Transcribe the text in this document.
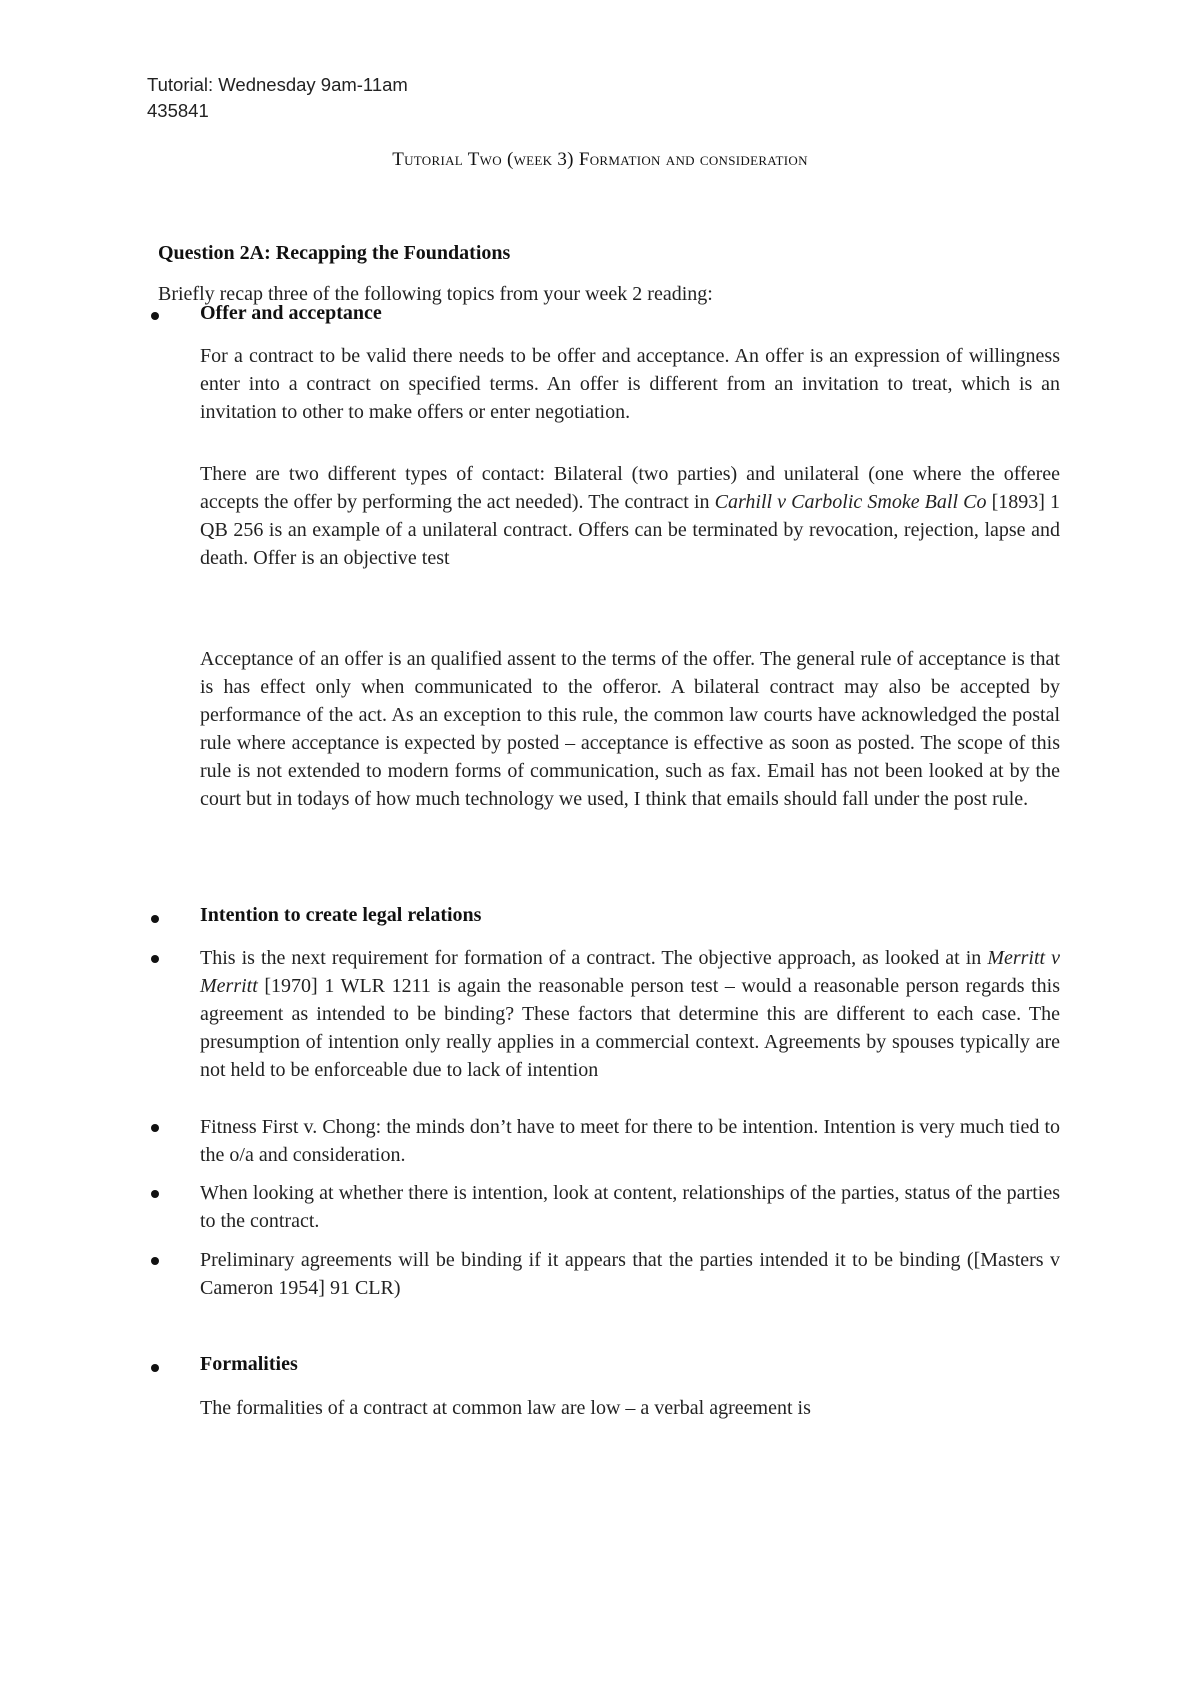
Tutorial: Wednesday 9am-11am
435841
Tutorial Two (week 3) Formation and consideration
Question 2A: Recapping the Foundations
Briefly recap three of the following topics from your week 2 reading:
Offer and acceptance
For a contract to be valid there needs to be offer and acceptance. An offer is an expression of willingness enter into a contract on specified terms. An offer is different from an invitation to treat, which is an invitation to other to make offers or enter negotiation.
There are two different types of contact: Bilateral (two parties) and unilateral (one where the offeree accepts the offer by performing the act needed). The contract in Carhill v Carbolic Smoke Ball Co [1893] 1 QB 256 is an example of a unilateral contract. Offers can be terminated by revocation, rejection, lapse and death. Offer is an objective test
Acceptance of an offer is an qualified assent to the terms of the offer. The general rule of acceptance is that is has effect only when communicated to the offeror. A bilateral contract may also be accepted by performance of the act. As an exception to this rule, the common law courts have acknowledged the postal rule where acceptance is expected by posted – acceptance is effective as soon as posted. The scope of this rule is not extended to modern forms of communication, such as fax. Email has not been looked at by the court but in todays of how much technology we used, I think that emails should fall under the post rule.
Intention to create legal relations
This is the next requirement for formation of a contract. The objective approach, as looked at in Merritt v Merritt [1970] 1 WLR 1211 is again the reasonable person test – would a reasonable person regards this agreement as intended to be binding? These factors that determine this are different to each case. The presumption of intention only really applies in a commercial context. Agreements by spouses typically are not held to be enforceable due to lack of intention
Fitness First v. Chong: the minds don’t have to meet for there to be intention. Intention is very much tied to the o/a and consideration.
When looking at whether there is intention, look at content, relationships of the parties, status of the parties to the contract.
Preliminary agreements will be binding if it appears that the parties intended it to be binding ([Masters v Cameron 1954] 91 CLR)
Formalities
The formalities of a contract at common law are low – a verbal agreement is
